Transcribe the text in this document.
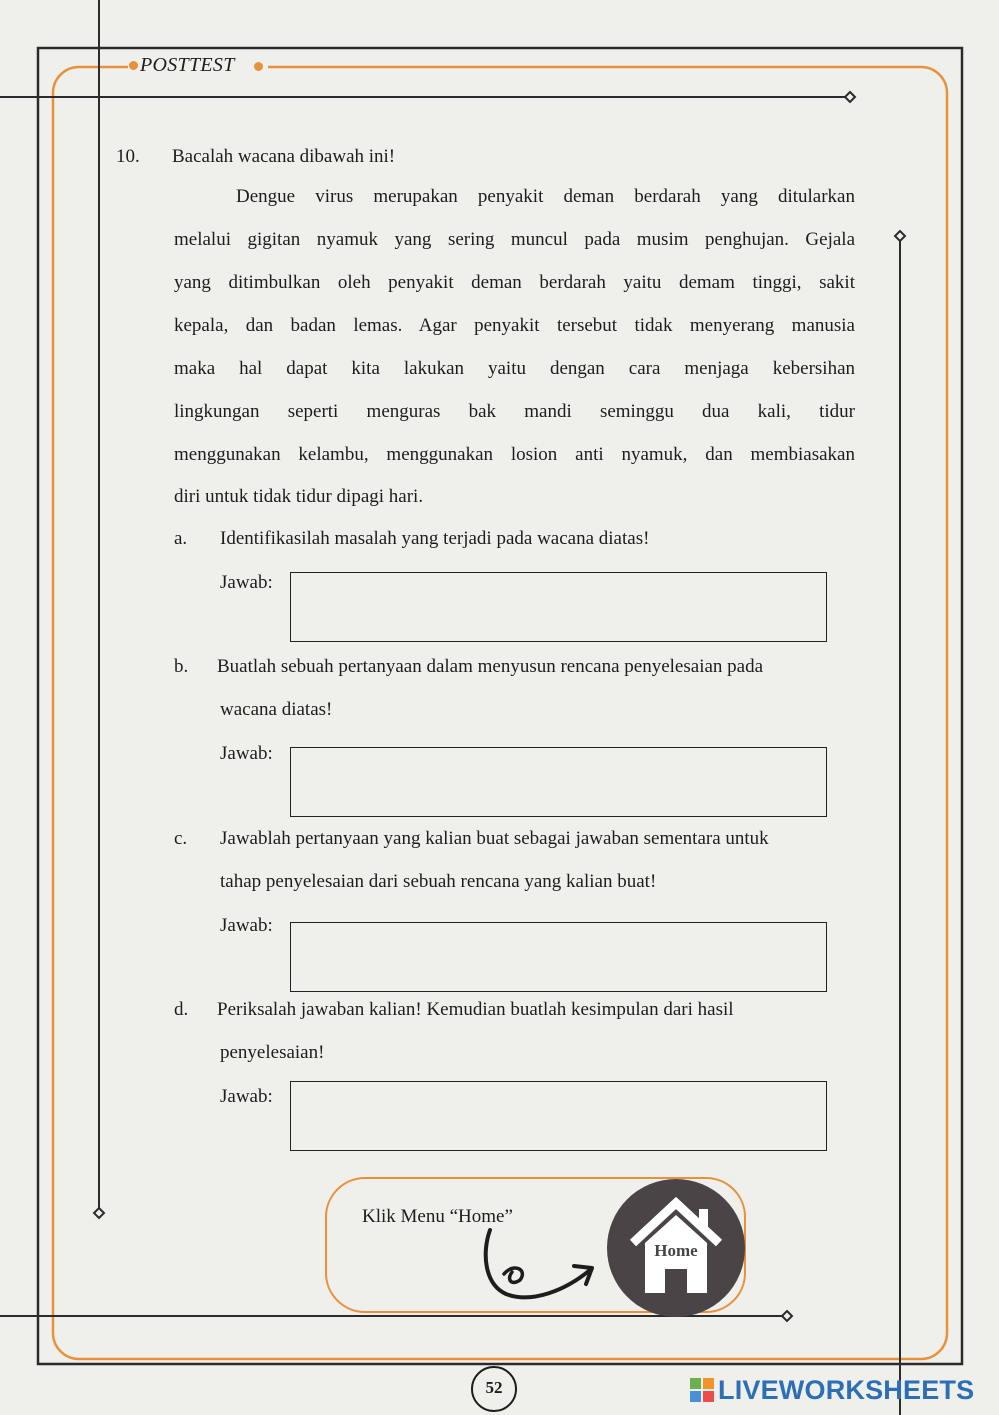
POSTTEST
10. Bacalah wacana dibawah ini!
Dengue virus merupakan penyakit deman berdarah yang ditularkan
melalui gigitan nyamuk yang sering muncul pada musim penghujan. Gejala
yang ditimbulkan oleh penyakit deman berdarah yaitu demam tinggi, sakit
kepala, dan badan lemas. Agar penyakit tersebut tidak menyerang manusia
maka hal dapat kita lakukan yaitu dengan cara menjaga kebersihan
lingkungan seperti menguras bak mandi seminggu dua kali, tidur
menggunakan kelambu, menggunakan losion anti nyamuk, dan membiasakan
diri untuk tidak tidur dipagi hari.
a. Identifikasilah masalah yang terjadi pada wacana diatas!
Jawab:
b. Buatlah sebuah pertanyaan dalam menyusun rencana penyelesaian pada
wacana diatas!
Jawab:
c. Jawablah pertanyaan yang kalian buat sebagai jawaban sementara untuk
tahap penyelesaian dari sebuah rencana yang kalian buat!
Jawab:
d. Periksalah jawaban kalian! Kemudian buatlah kesimpulan dari hasil
penyelesaian!
Jawab:
Klik Menu “Home”
Home
52	LIVEWORKSHEETS
